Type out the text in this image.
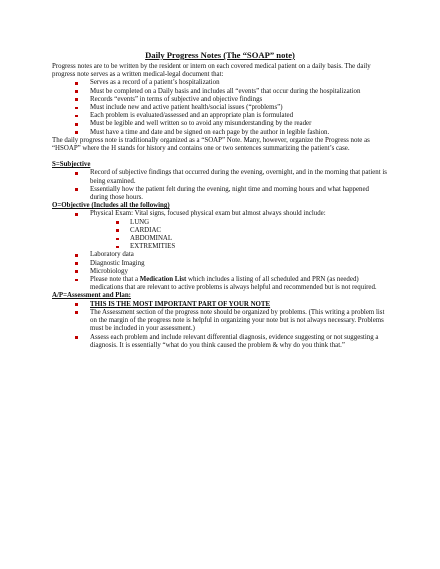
Daily Progress Notes (The “SOAP” note)

Progress notes are to be written by the resident or intern on each covered medical patient on a daily basis. The daily progress note serves as a written medical-legal document that:

Serves as a record of a patient’s hospitalization
Must be completed on a Daily basis and includes all “events” that occur during the hospitalization
Records “events” in terms of subjective and objective findings
Must include new and active patient health/social issues (“problems”)
Each problem is evaluated/assessed and an appropriate plan is formulated
Must be legible and well written so to avoid any misunderstanding by the reader
Must have a time and date and be signed on each page by the author in legible fashion.

The daily progress note is traditionally organized as a “SOAP” Note. Many, however, organize the Progress note as “HSOAP” where the H stands for history and contains one or two sentences summarizing the patient’s case.

S=Subjective
Record of subjective findings that occurred during the evening, overnight, and in the morning that patient is being examined.
Essentially how the patient felt during the evening, night time and morning hours and what happened during those hours.
O=Objective (Includes all the following)
Physical Exam: Vital signs, focused physical exam but almost always should include:
LUNG
CARDIAC
ABDOMINAL
EXTREMITIES
Laboratory data
Diagnostic Imaging
Microbiology
Please note that a Medication List which includes a listing of all scheduled and PRN (as needed) medications that are relevant to active problems is always helpful and recommended but is not required.
A/P=Assessment and Plan:
THIS IS THE MOST IMPORTANT PART OF YOUR NOTE
The Assessment section of the progress note should be organized by problems. (This writing a problem list on the margin of the progress note is helpful in organizing your note but is not always necessary. Problems must be included in your assessment.)
Assess each problem and include relevant differential diagnosis, evidence suggesting or not suggesting a diagnosis. It is essentially “what do you think caused the problem & why do you think that.”
